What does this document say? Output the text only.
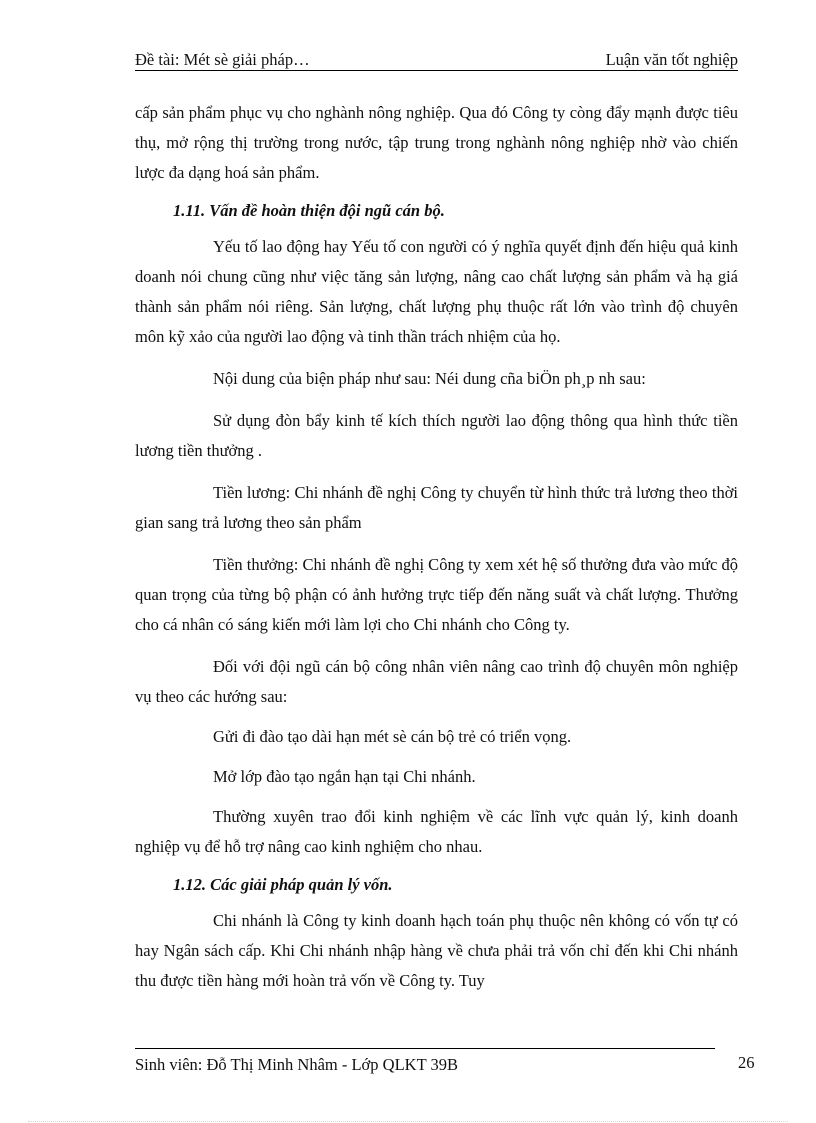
Đề tài: Mét sè giải pháp…	Luận văn tốt nghiệp

cấp sản phẩm phục vụ cho nghành nông nghiệp. Qua đó Công ty còng đẩy mạnh được tiêu thụ, mở rộng thị trường trong nước, tập trung trong nghành nông nghiệp nhờ vào chiến lược đa dạng hoá sản phẩm.

1.11. Vấn đề hoàn thiện đội ngũ cán bộ.

Yếu tố lao động hay Yếu tố con người có ý nghĩa quyết định đến hiệu quả kinh doanh nói chung cũng như việc tăng sản lượng, nâng cao chất lượng sản phẩm và hạ giá thành sản phẩm nói riêng. Sản lượng, chất lượng phụ thuộc rất lớn vào trình độ chuyên môn kỹ xảo của người lao động và tinh thần trách nhiệm của họ.

Nội dung của biện pháp như sau: Néi dung cña biÖn ph¸p nh sau:

Sử dụng đòn bẩy kinh tế kích thích người lao động thông qua hình thức tiền lương tiền thưởng .

Tiền lương: Chi nhánh đề nghị Công ty chuyển từ hình thức trả lương theo thời gian sang trả lương theo sản phẩm

Tiền thưởng: Chi nhánh đề nghị Công ty xem xét hệ số thưởng đưa vào mức độ quan trọng của từng bộ phận có ảnh hưởng trực tiếp đến năng suất và chất lượng. Thưởng cho cá nhân có sáng kiến mới làm lợi cho Chi nhánh cho Công ty.

Đối với đội ngũ cán bộ công nhân viên nâng cao trình độ chuyên môn nghiệp vụ theo các hướng sau:

Gửi đi đào tạo dài hạn mét sè cán bộ trẻ có triển vọng.

Mở lớp đào tạo ngắn hạn tại Chi nhánh.

Thường xuyên trao đổi kinh nghiệm về các lĩnh vực quản lý, kinh doanh nghiệp vụ để hỗ trợ nâng cao kinh nghiệm cho nhau.

1.12. Các giải pháp quản lý vốn.

Chi nhánh là Công ty kinh doanh hạch toán phụ thuộc nên không có vốn tự có hay Ngân sách cấp. Khi Chi nhánh nhập hàng về chưa phải trả vốn chỉ đến khi Chi nhánh thu được tiền hàng mới hoàn trả vốn về Công ty. Tuy

Sinh viên: Đỗ Thị Minh Nhâm - Lớp QLKT 39B	26
